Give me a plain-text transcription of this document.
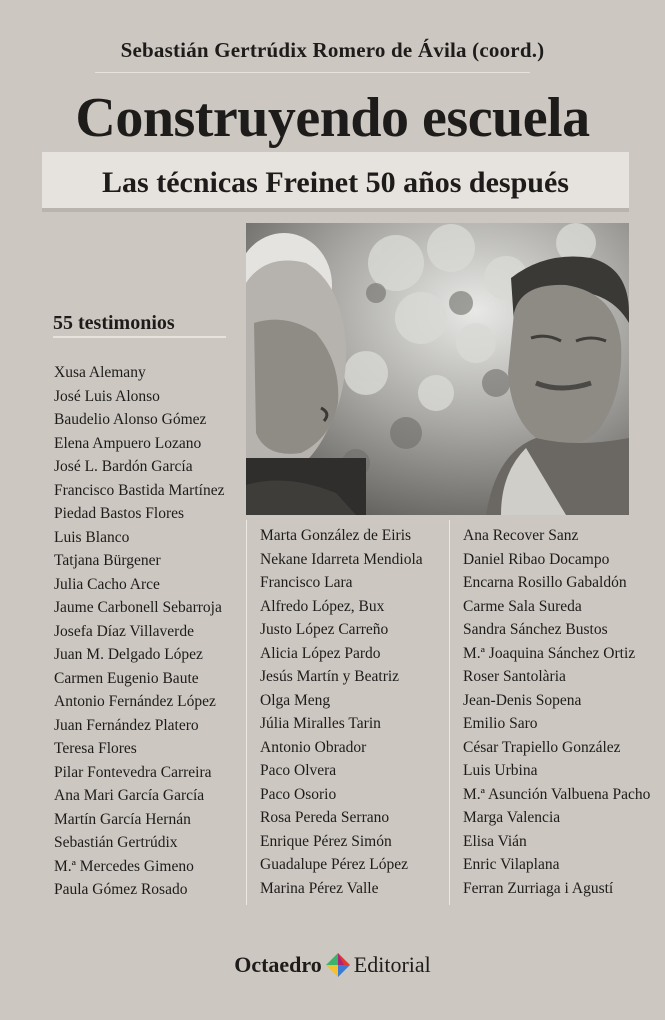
Sebastián Gertrúdix Romero de Ávila (coord.)
Construyendo escuela
Las técnicas Freinet 50 años después
55 testimonios
Xusa Alemany
José Luis Alonso
Baudelio Alonso Gómez
Elena Ampuero Lozano
José L. Bardón García
Francisco Bastida Martínez
Piedad Bastos Flores
Luis Blanco
Tatjana Bürgener
Julia Cacho Arce
Jaume Carbonell Sebarroja
Josefa Díaz Villaverde
Juan M. Delgado López
Carmen Eugenio Baute
Antonio Fernández López
Juan Fernández Platero
Teresa Flores
Pilar Fontevedra Carreira
Ana Mari García García
Martín García Hernán
Sebastián Gertrúdix
M.ª Mercedes Gimeno
Paula Gómez Rosado
Marta González de Eiris
Nekane Idarreta Mendiola
Francisco Lara
Alfredo López, Bux
Justo López Carreño
Alicia López Pardo
Jesús Martín y Beatriz
Olga Meng
Júlia Miralles Tarin
Antonio Obrador
Paco Olvera
Paco Osorio
Rosa Pereda Serrano
Enrique Pérez Simón
Guadalupe Pérez López
Marina Pérez Valle
Ana Recover Sanz
Daniel Ribao Docampo
Encarna Rosillo Gabaldón
Carme Sala Sureda
Sandra Sánchez Bustos
M.ª Joaquina Sánchez Ortiz
Roser Santolària
Jean-Denis Sopena
Emilio Saro
César Trapiello González
Luis Urbina
M.ª Asunción Valbuena Pacho
Marga Valencia
Elisa Vián
Enric Vilaplana
Ferran Zurriaga i Agustí
Octaedro Editorial
